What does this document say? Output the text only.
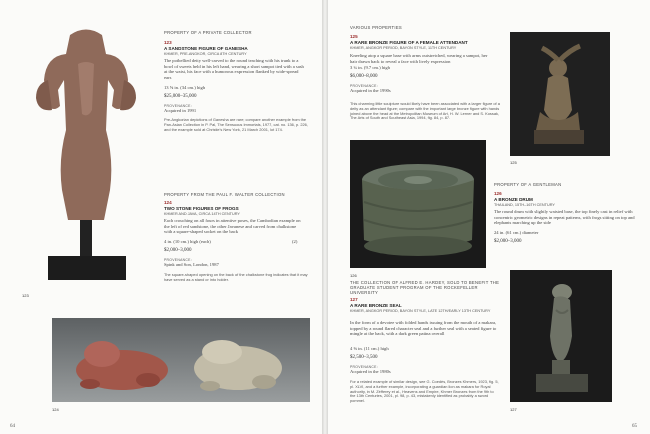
123
PROPERTY OF A PRIVATE COLLECTOR
123
A SANDSTONE FIGURE OF GANESHA
KHMER, PRE-ANGKOR, CIRCA 8TH CENTURY
The potbellied deity well-carved to the round teaching with his trunk to a bowl of sweets held in his left hand, wearing a short sampot tied with a sash at the waist, his face with a humorous expression flanked by wide-spread ears
13 ⅝ in. (34 cm.) high
$25,000–35,000
PROVENANCE:
Acquired in 1991
Pre-Angkorian depictions of Ganesha are rare; compare another example from the Pan-Asian Collection in P. Pal, The Sensuous Immortals, 1977, cat. no. 136, p. 226, and the example sold at Christie's New York, 21 March 2001, lot 174.
PROPERTY FROM THE PAUL F. WALTER COLLECTION
124
TWO STONE FIGURES OF FROGS
KHMER AND JAVA, CIRCA 14TH CENTURY
Each crouching on all fours in attentive poses, the Cambodian example on the left of red sandstone, the other Javanese and carved from chalkstone with a square-shaped socket on the back
4 in. (10 cm.) high (each)	(2)
$2,000–3,000
PROVENANCE:
Spink and Son, London, 1987
The square-shaped opening on the back of the chalkstone frog indicates that it may have served as a stand or into holder.
124
64
VARIOUS PROPERTIES
125
A RARE BRONZE FIGURE OF A FEMALE ATTENDANT
KHMER, ANGKOR PERIOD, BAYON STYLE, 11TH CENTURY
Kneeling atop a square base with arms outstretched, wearing a sampot, her hair drawn back to reveal a face with lively expression
3 ¾ in. (9.7 cm.) high
$6,000–8,000
PROVENANCE:
Acquired in the 1990s
This charming little sculpture would likely have been associated with a larger figure of a deity as an attendant figure; compare with the important large bronze figure with hands joined above the head at the Metropolitan Museum of Art, H. W. Lerner and S. Kossak, The Arts of South and Southeast Asia, 1994, fig. 84, p. 87.
125
126
PROPERTY OF A GENTLEMAN
126
A BRONZE DRUM
THAILAND, 15TH–16TH CENTURY
The round drum with slightly waisted base, the top finely cast in relief with concentric geometric designs in repeat patterns, with frogs sitting on top and elephants marching up the side
24 in. (61 cm.) diameter
$2,000–3,000
THE COLLECTION OF ALFRED E. HARDEY, SOLD TO BENEFIT THE GRADUATE STUDENT PROGRAM OF THE ROCKEFELLER UNIVERSITY
127
A RARE BRONZE SEAL
KHMER, ANGKOR PERIOD, BAYON STYLE, LATE 12TH/EARLY 13TH CENTURY
In the form of a devotee with folded hands issuing from the mouth of a makara, topped by a round flared character seal and a further seal with a seated figure to mingle at the back, with a dark green patina overall
4 ⅜ in. (11 cm.) high
$2,500–3,500
PROVENANCE:
Acquired in the 1980s
For a related example of similar design, see G. Coedès, Bronzes Khmers, 1923, fig. 5, pl. XLVI, and a further example, incorporating a guardian lion as makara for Royal authority, in M. Zéfferey et al., Heavens and Empire, Khmer Bronzes from the 9th to the 13th Centuries, 2001, pl. 98, p. 43, mistakenly identified as probably a sword pommel.
127
65
